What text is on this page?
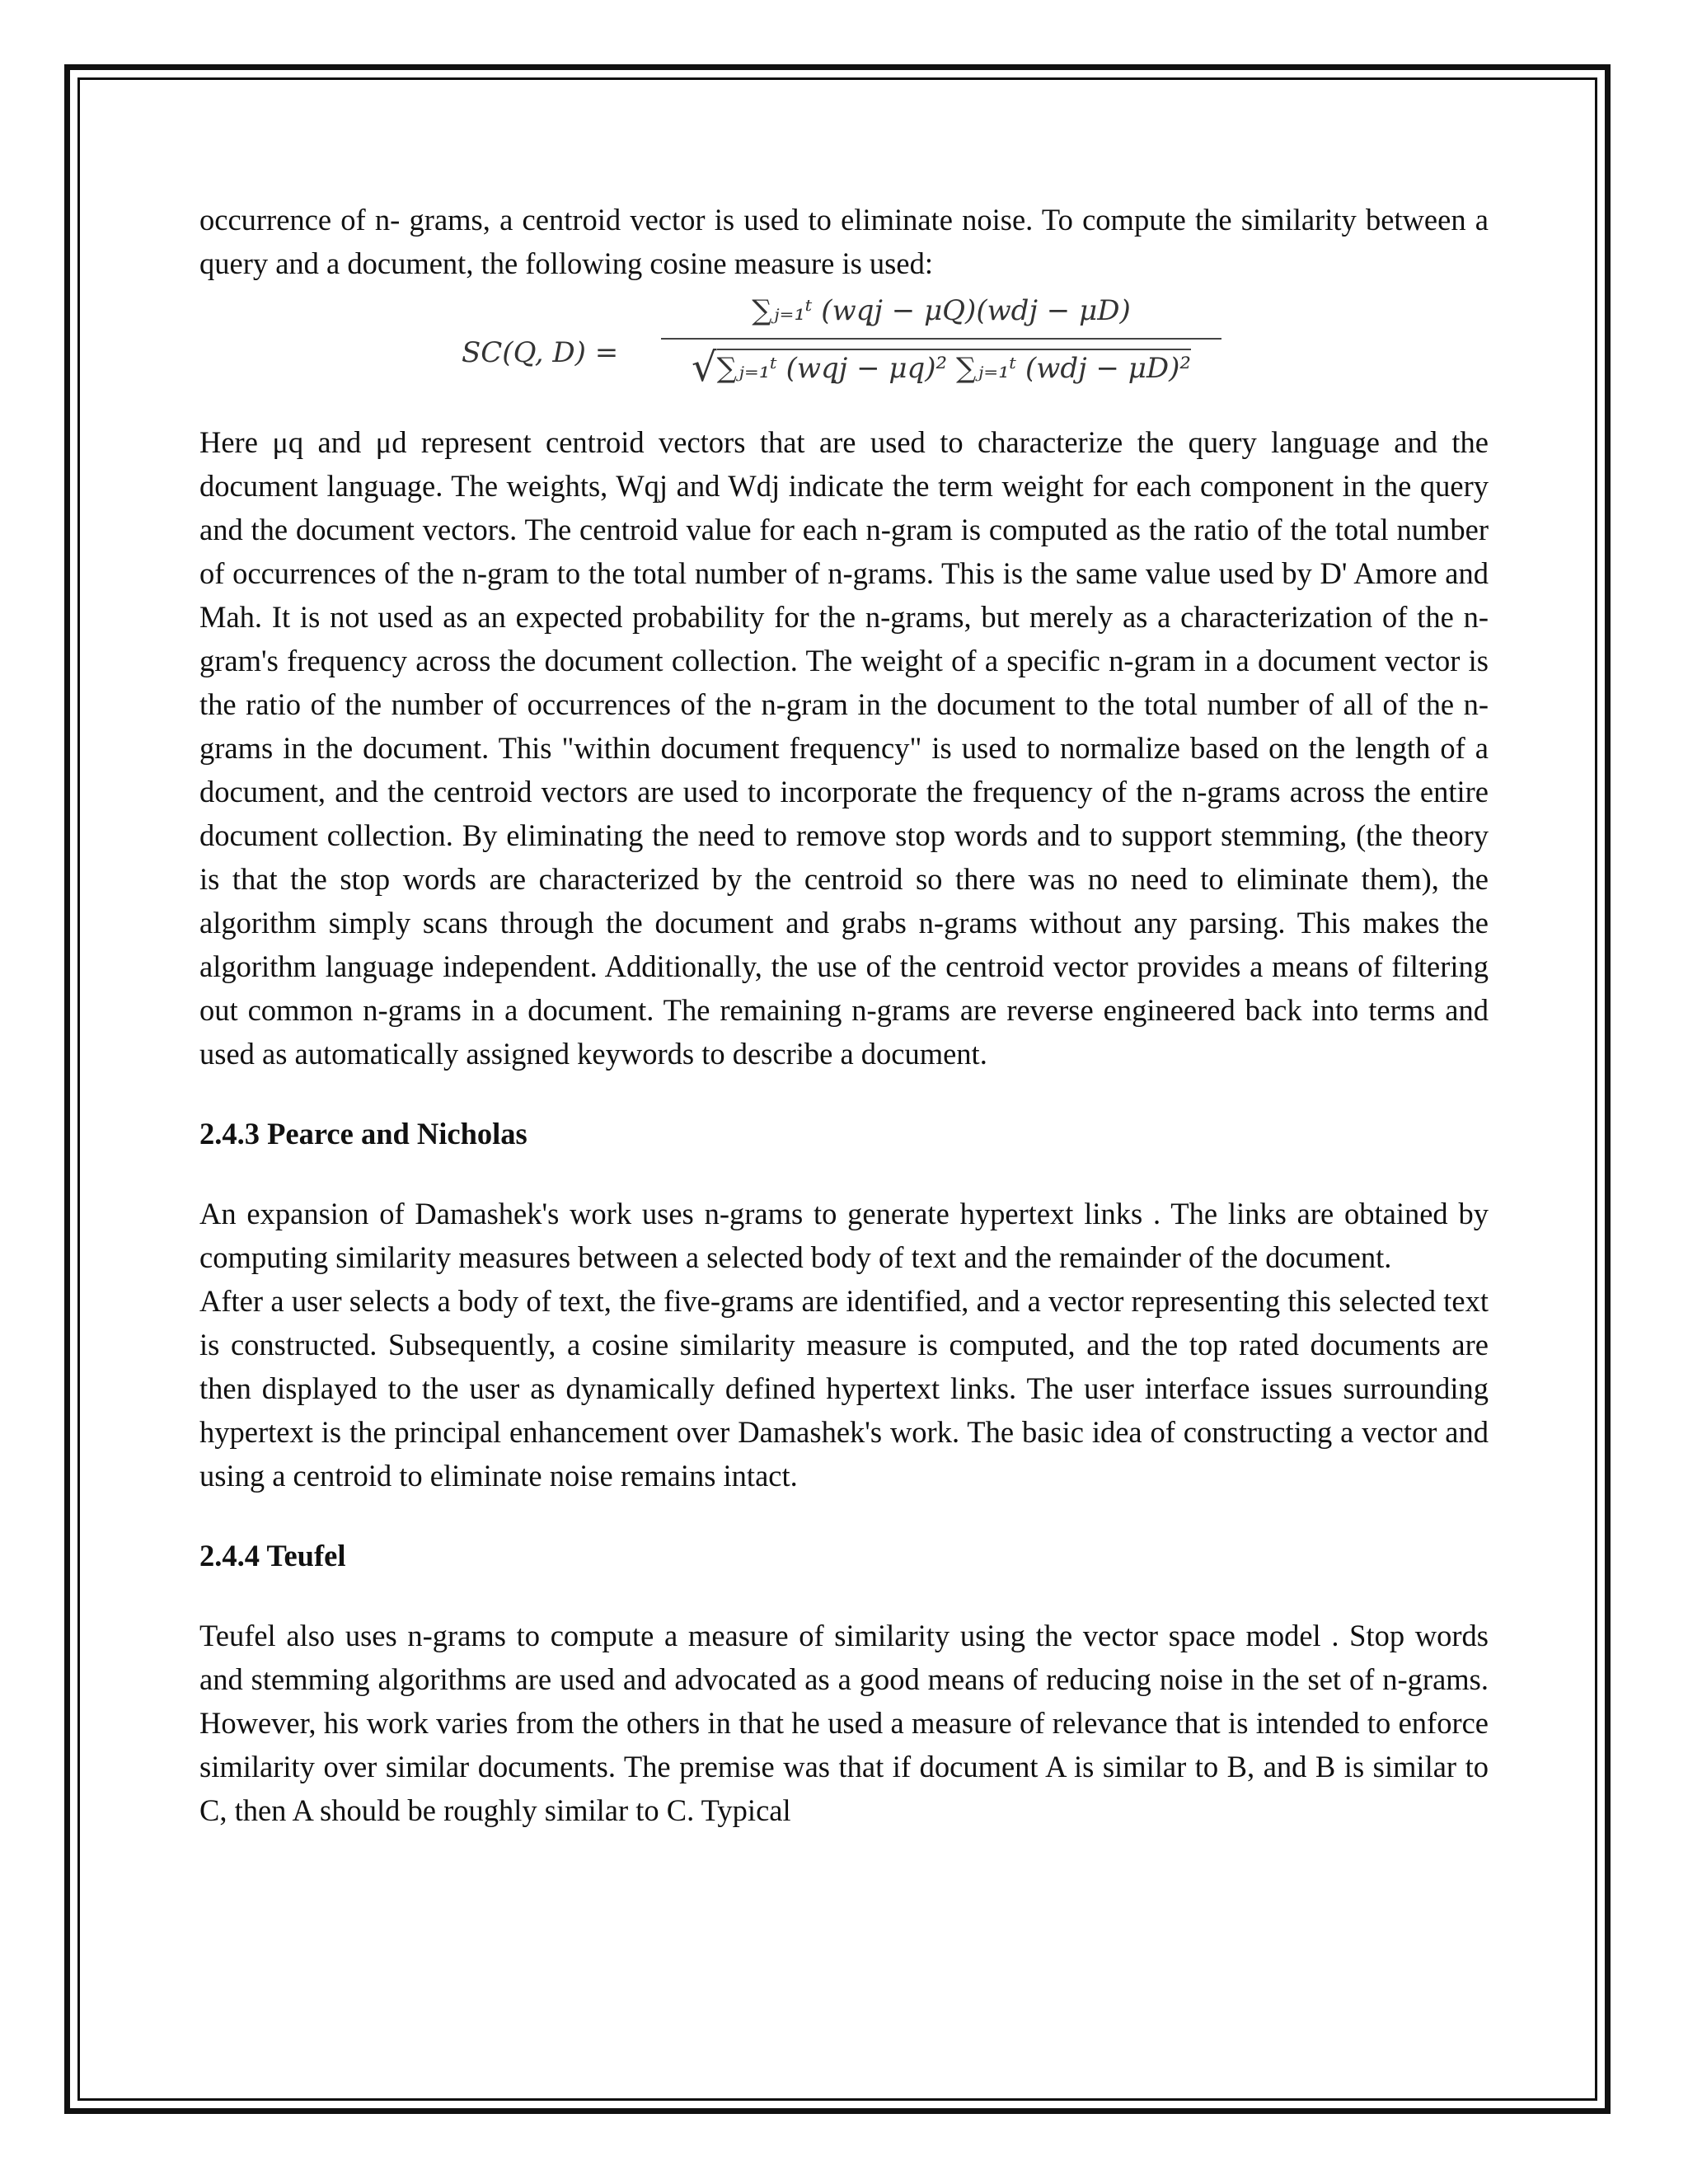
occurrence of n- grams, a centroid vector is used to eliminate noise. To compute the similarity between a query and a document, the following cosine measure is used:

SC(Q, D) =
∑ⱼ₌₁ᵗ (wqj − μQ)(wdj − μD)
√∑ⱼ₌₁ᵗ (wqj − μq)² ∑ⱼ₌₁ᵗ (wdj − μD)²

Here μq and μd represent centroid vectors that are used to characterize the query language and the document language. The weights, Wqj and Wdj indicate the term weight for each component in the query and the document vectors. The centroid value for each n-gram is computed as the ratio of the total number of occurrences of the n-gram to the total number of n-grams. This is the same value used by D' Amore and Mah. It is not used as an expected probability for the n-grams, but merely as a characterization of the n-gram's frequency across the document collection. The weight of a specific n-gram in a document vector is the ratio of the number of occurrences of the n-gram in the document to the total number of all of the n-grams in the document. This "within document frequency" is used to normalize based on the length of a document, and the centroid vectors are used to incorporate the frequency of the n-grams across the entire document collection. By eliminating the need to remove stop words and to support stemming, (the theory is that the stop words are characterized by the centroid so there was no need to eliminate them), the algorithm simply scans through the document and grabs n-grams without any parsing. This makes the algorithm language independent. Additionally, the use of the centroid vector provides a means of filtering out common n-grams in a document. The remaining n-grams are reverse engineered back into terms and used as automatically assigned keywords to describe a document.

2.4.3 Pearce and Nicholas

An expansion of Damashek's work uses n-grams to generate hypertext links . The links are obtained by computing similarity measures between a selected body of text and the remainder of the document.

After a user selects a body of text, the five-grams are identified, and a vector representing this selected text is constructed. Subsequently, a cosine similarity measure is computed, and the top rated documents are then displayed to the user as dynamically defined hypertext links. The user interface issues surrounding hypertext is the principal enhancement over Damashek's work. The basic idea of constructing a vector and using a centroid to eliminate noise remains intact.

2.4.4 Teufel

Teufel also uses n-grams to compute a measure of similarity using the vector space model . Stop words and stemming algorithms are used and advocated as a good means of reducing noise in the set of n-grams. However, his work varies from the others in that he used a measure of relevance that is intended to enforce similarity over similar documents. The premise was that if document A is similar to B, and B is similar to C, then A should be roughly similar to C. Typical
